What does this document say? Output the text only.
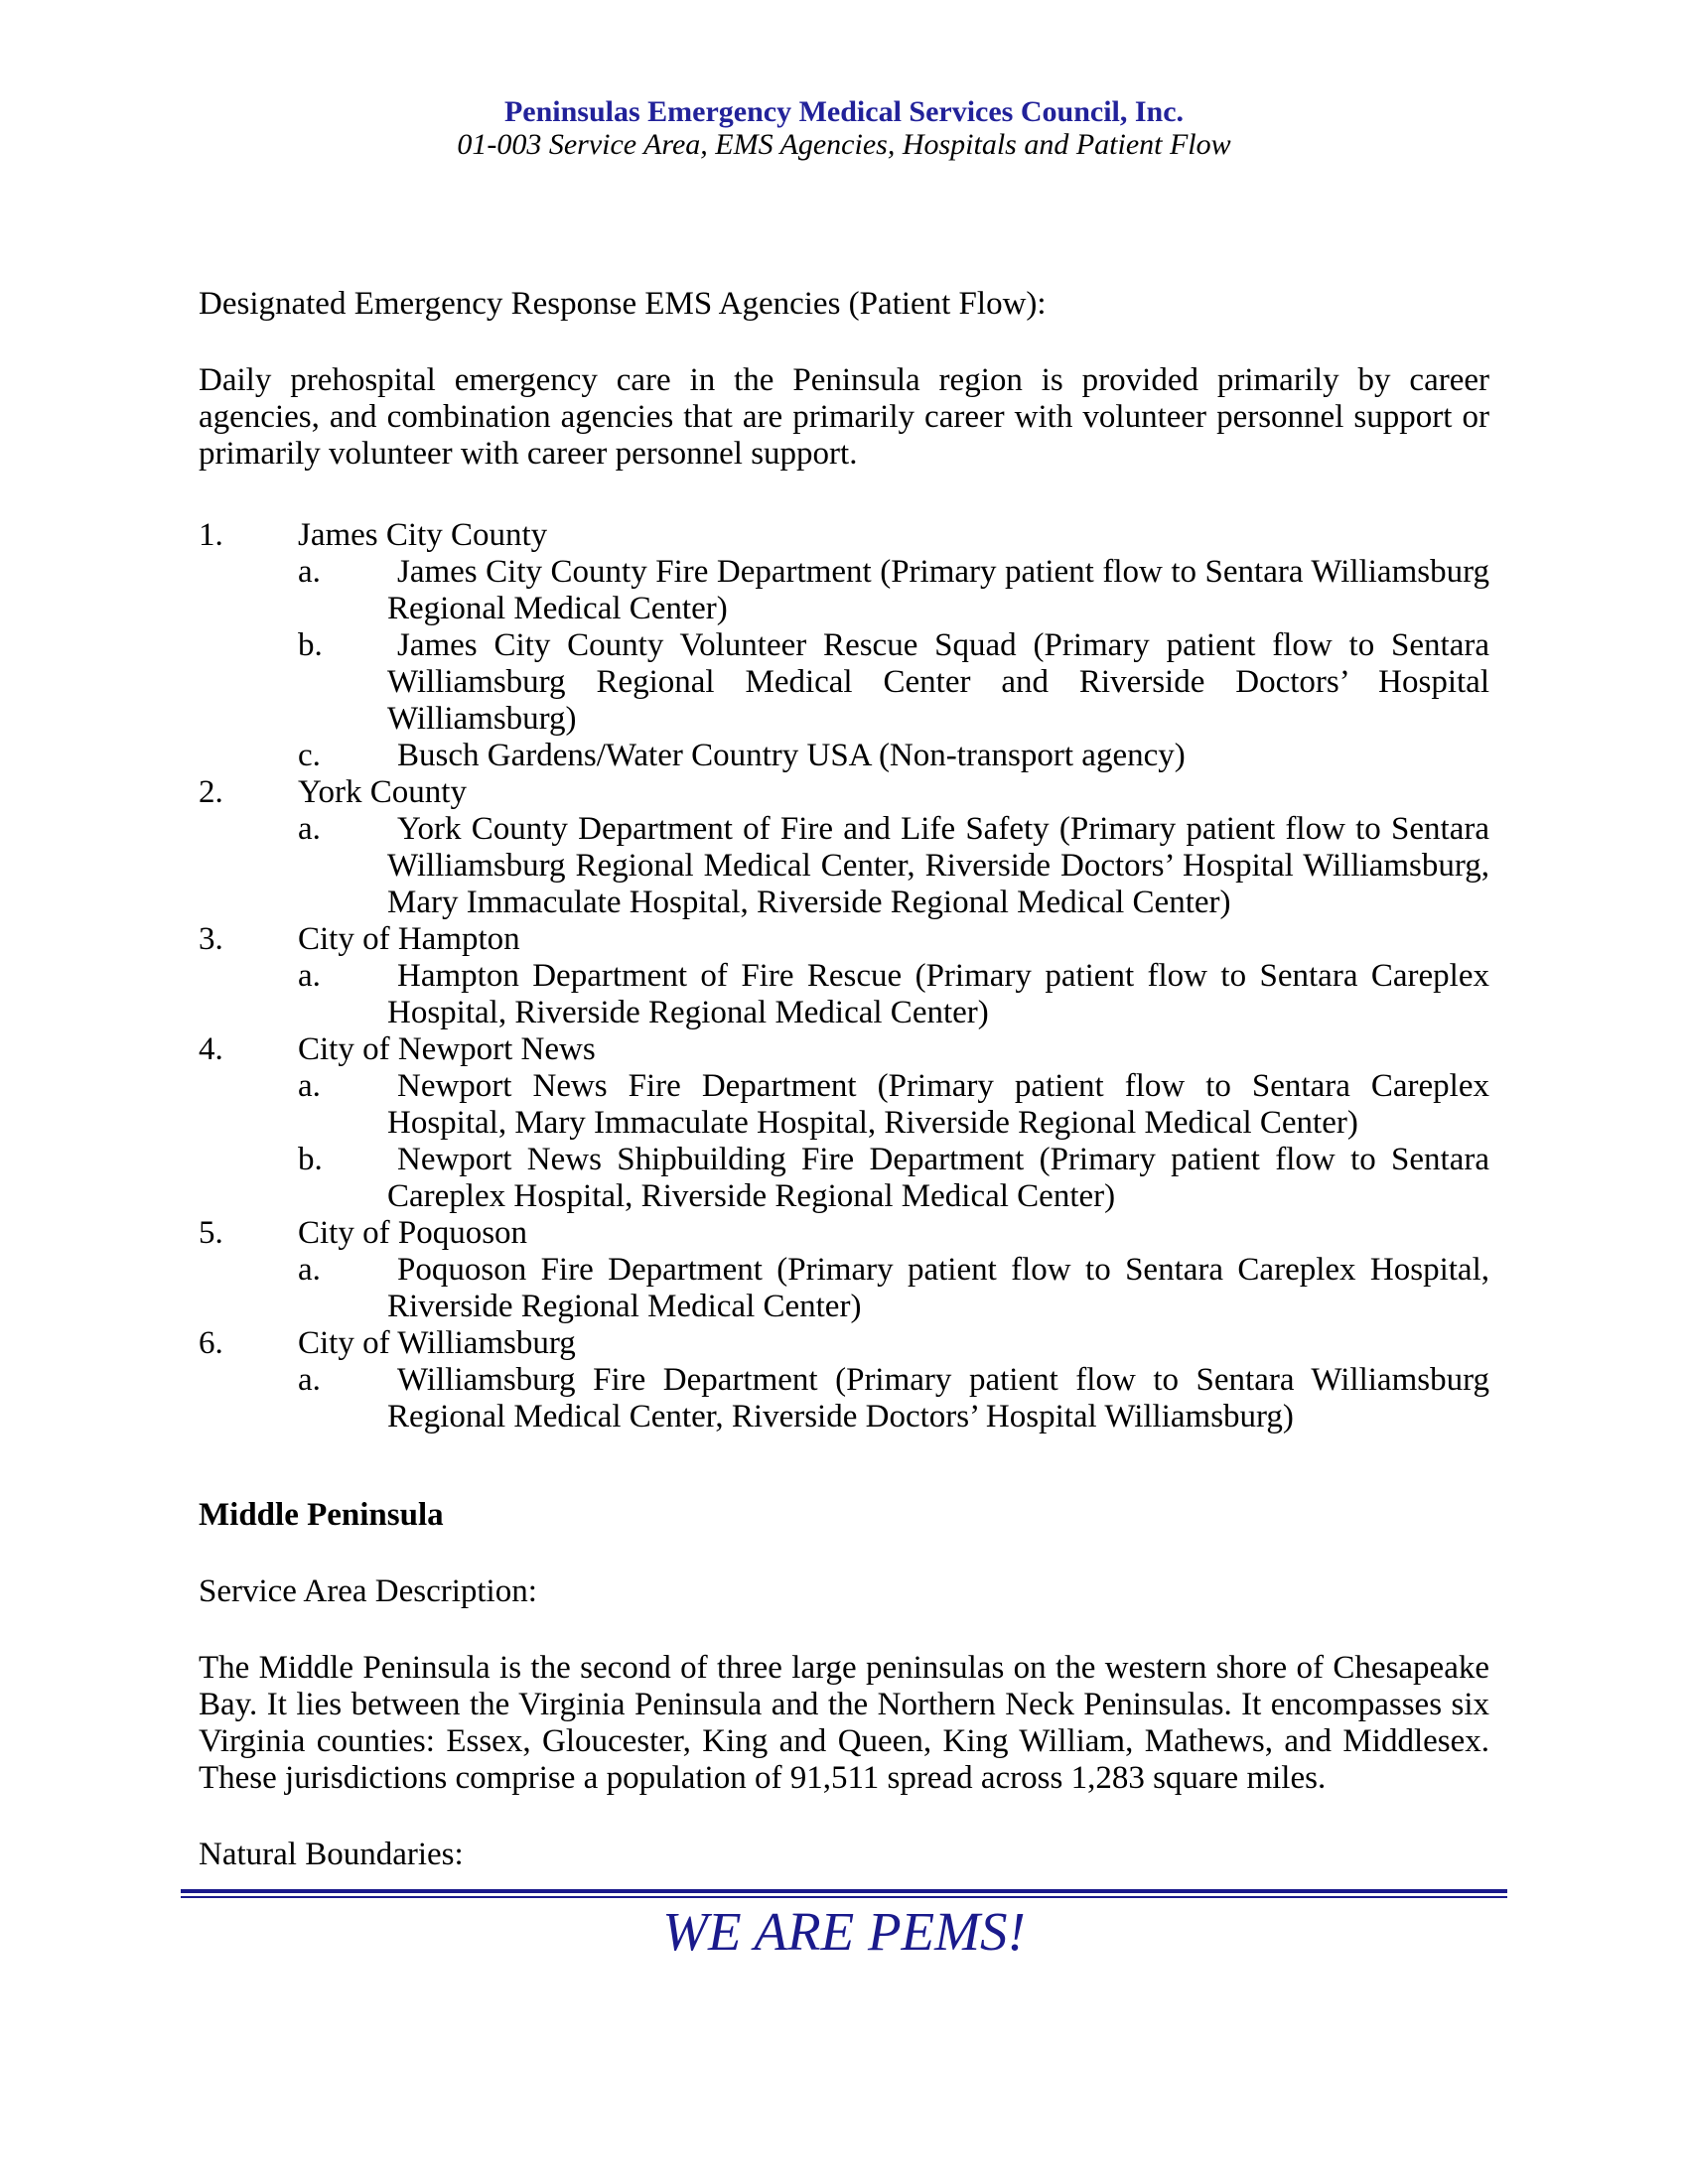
Peninsulas Emergency Medical Services Council, Inc.
01-003 Service Area, EMS Agencies, Hospitals and Patient Flow
Designated Emergency Response EMS Agencies (Patient Flow):
Daily prehospital emergency care in the Peninsula region is provided primarily by career agencies, and combination agencies that are primarily career with volunteer personnel support or primarily volunteer with career personnel support.
1. James City County
a. James City County Fire Department (Primary patient flow to Sentara Williamsburg Regional Medical Center)
b. James City County Volunteer Rescue Squad (Primary patient flow to Sentara Williamsburg Regional Medical Center and Riverside Doctors’ Hospital Williamsburg)
c. Busch Gardens/Water Country USA (Non-transport agency)
2. York County
a. York County Department of Fire and Life Safety (Primary patient flow to Sentara Williamsburg Regional Medical Center, Riverside Doctors’ Hospital Williamsburg, Mary Immaculate Hospital, Riverside Regional Medical Center)
3. City of Hampton
a. Hampton Department of Fire Rescue (Primary patient flow to Sentara Careplex Hospital, Riverside Regional Medical Center)
4. City of Newport News
a. Newport News Fire Department (Primary patient flow to Sentara Careplex Hospital, Mary Immaculate Hospital, Riverside Regional Medical Center)
b. Newport News Shipbuilding Fire Department (Primary patient flow to Sentara Careplex Hospital, Riverside Regional Medical Center)
5. City of Poquoson
a. Poquoson Fire Department (Primary patient flow to Sentara Careplex Hospital, Riverside Regional Medical Center)
6. City of Williamsburg
a. Williamsburg Fire Department (Primary patient flow to Sentara Williamsburg Regional Medical Center, Riverside Doctors’ Hospital Williamsburg)
Middle Peninsula
Service Area Description:
The Middle Peninsula is the second of three large peninsulas on the western shore of Chesapeake Bay. It lies between the Virginia Peninsula and the Northern Neck Peninsulas. It encompasses six Virginia counties: Essex, Gloucester, King and Queen, King William, Mathews, and Middlesex. These jurisdictions comprise a population of 91,511 spread across 1,283 square miles.
Natural Boundaries:
WE ARE PEMS!
